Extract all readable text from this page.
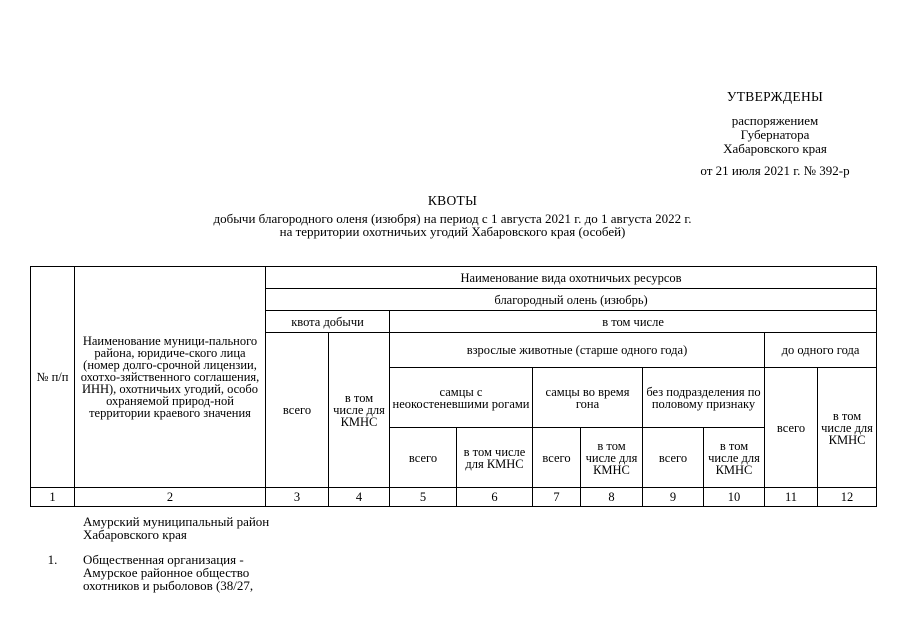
УТВЕРЖДЕНЫ
распоряжением
Губернатора
Хабаровского края
от 21 июля 2021 г. № 392-р
КВОТЫ
добычи благородного оленя (изюбря) на период с 1 августа 2021 г. до 1 августа 2022 г.
на территории охотничьих угодий Хабаровского края (особей)
№ п/п	Наименование муници-пального района, юридиче-ского лица (номер долго-срочной лицензии, охотхо-зяйственного соглашения, ИНН), охотничьих угодий, особо охраняемой природ-ной территории краевого значения	Наименование вида охотничьих ресурсов									
		благородный олень (изюбрь)									
		квота добычи		в том числе							
		всего	в том числе для КМНС	взрослые животные (старше одного года)						до одного года	
				самцы с неокостеневшими рогами		самцы во время гона		без подразделения по половому признаку		всего	в том числе для КМНС
				всего	в том числе для КМНС	всего	в том числе для КМНС	всего	в том числе для КМНС		
1	2	3	4	5	6	7	8	9	10	11	12
Амурский муниципальный район Хабаровского края
1.	Общественная организация - Амурское районное общество охотников и рыболовов (38/27,
